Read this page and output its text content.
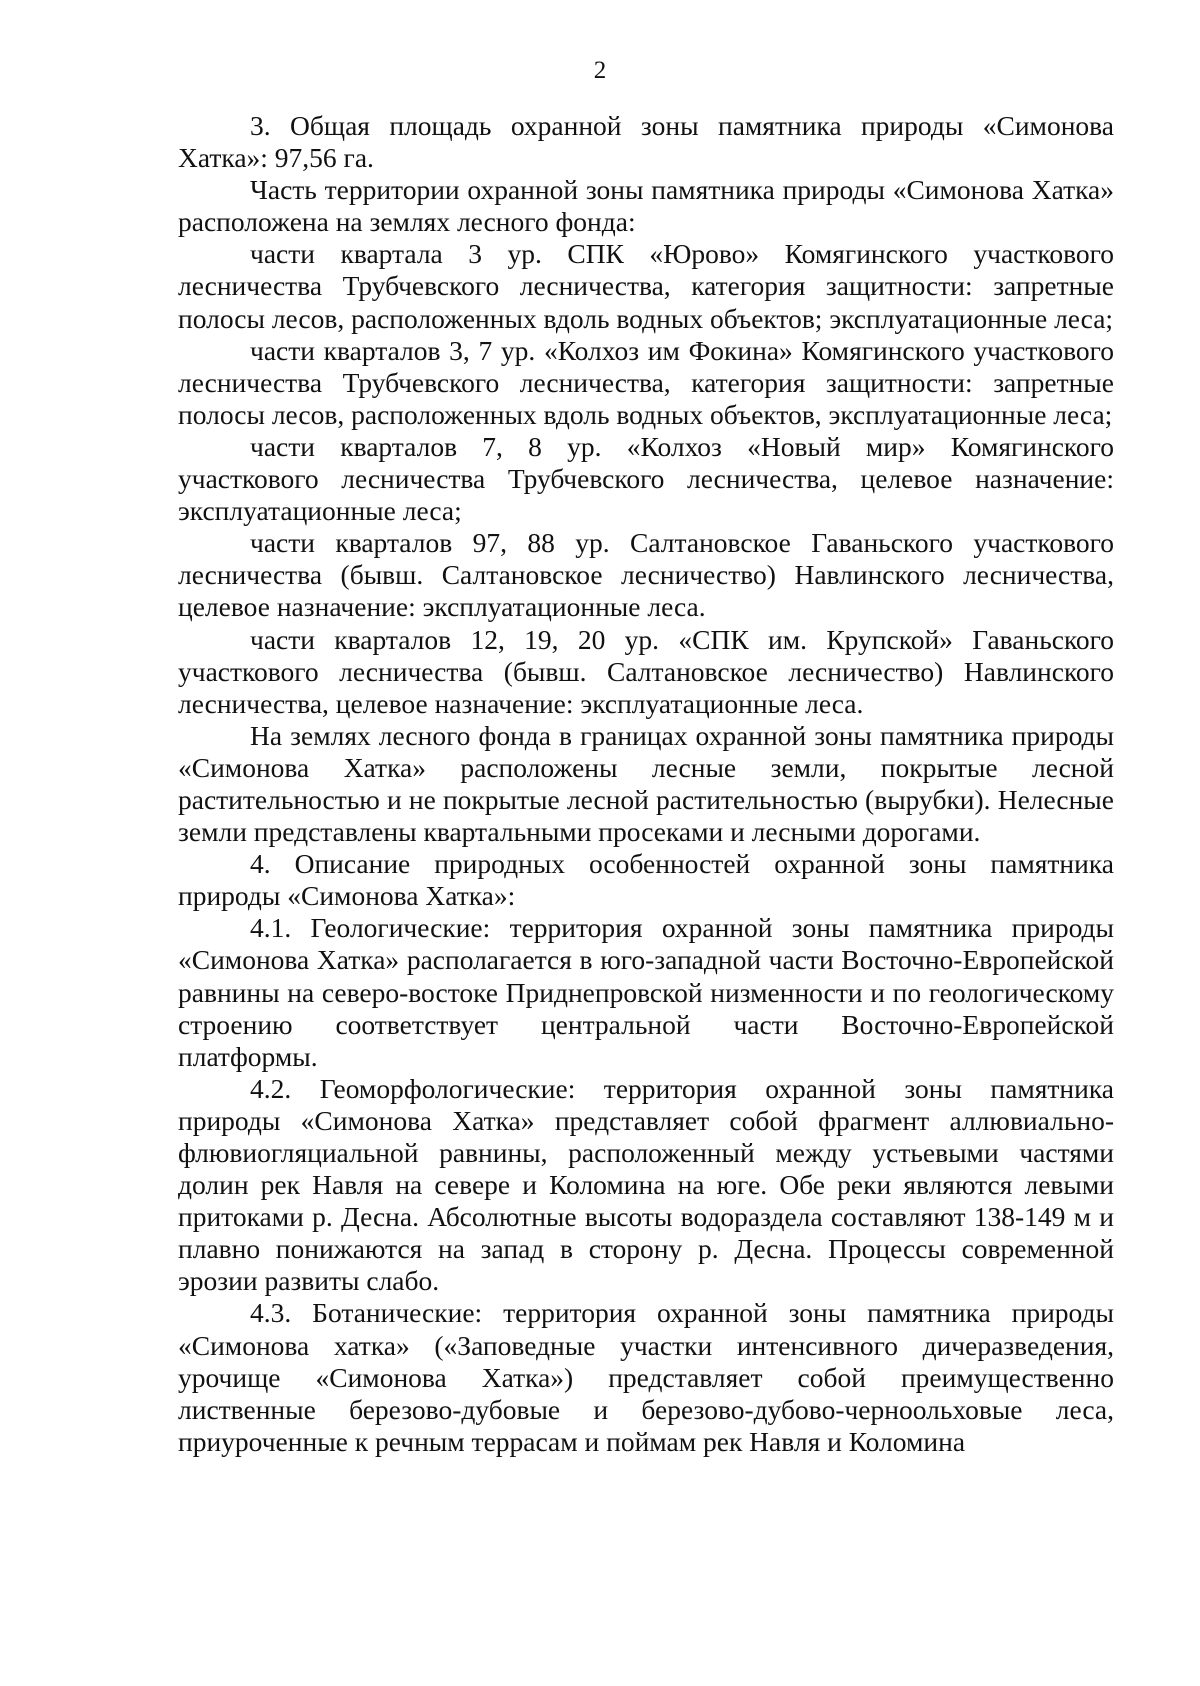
2

3. Общая площадь охранной зоны памятника природы «Симонова Хатка»: 97,56 га.

Часть территории охранной зоны памятника природы «Симонова Хатка» расположена на землях лесного фонда:

части квартала 3 ур. СПК «Юрово» Комягинского участкового лесничества Трубчевского лесничества, категория защитности: запретные полосы лесов, расположенных вдоль водных объектов; эксплуатационные леса;

части кварталов 3, 7 ур. «Колхоз им Фокина» Комягинского участкового лесничества Трубчевского лесничества, категория защитности: запретные полосы лесов, расположенных вдоль водных объектов, эксплуатационные леса;

части кварталов 7, 8 ур. «Колхоз «Новый мир» Комягинского участкового лесничества Трубчевского лесничества, целевое назначение: эксплуатационные леса;

части кварталов 97, 88 ур. Салтановское Гаваньского участкового лесничества (бывш. Салтановское лесничество) Навлинского лесничества, целевое назначение: эксплуатационные леса.

части кварталов 12, 19, 20 ур. «СПК им. Крупской» Гаваньского участкового лесничества (бывш. Салтановское лесничество) Навлинского лесничества, целевое назначение: эксплуатационные леса.

На землях лесного фонда в границах охранной зоны памятника природы «Симонова Хатка» расположены лесные земли, покрытые лесной растительностью и не покрытые лесной растительностью (вырубки). Нелесные земли представлены квартальными просеками и лесными дорогами.

4. Описание природных особенностей охранной зоны памятника природы «Симонова Хатка»:

4.1. Геологические: территория охранной зоны памятника природы «Симонова Хатка» располагается в юго-западной части Восточно-Европейской равнины на северо-востоке Приднепровской низменности и по геологическому строению соответствует центральной части Восточно-Европейской платформы.

4.2. Геоморфологические: территория охранной зоны памятника природы «Симонова Хатка» представляет собой фрагмент аллювиально-флювиогляциальной равнины, расположенный между устьевыми частями долин рек Навля на севере и Коломина на юге. Обе реки являются левыми притоками р. Десна. Абсолютные высоты водораздела составляют 138-149 м и плавно понижаются на запад в сторону р. Десна. Процессы современной эрозии развиты слабо.

4.3. Ботанические: территория охранной зоны памятника природы «Симонова хатка» («Заповедные участки интенсивного дичеразведения, урочище «Симонова Хатка») представляет собой преимущественно лиственные березово-дубовые и березово-дубово-черноольховые леса, приуроченные к речным террасам и поймам рек Навля и Коломина
